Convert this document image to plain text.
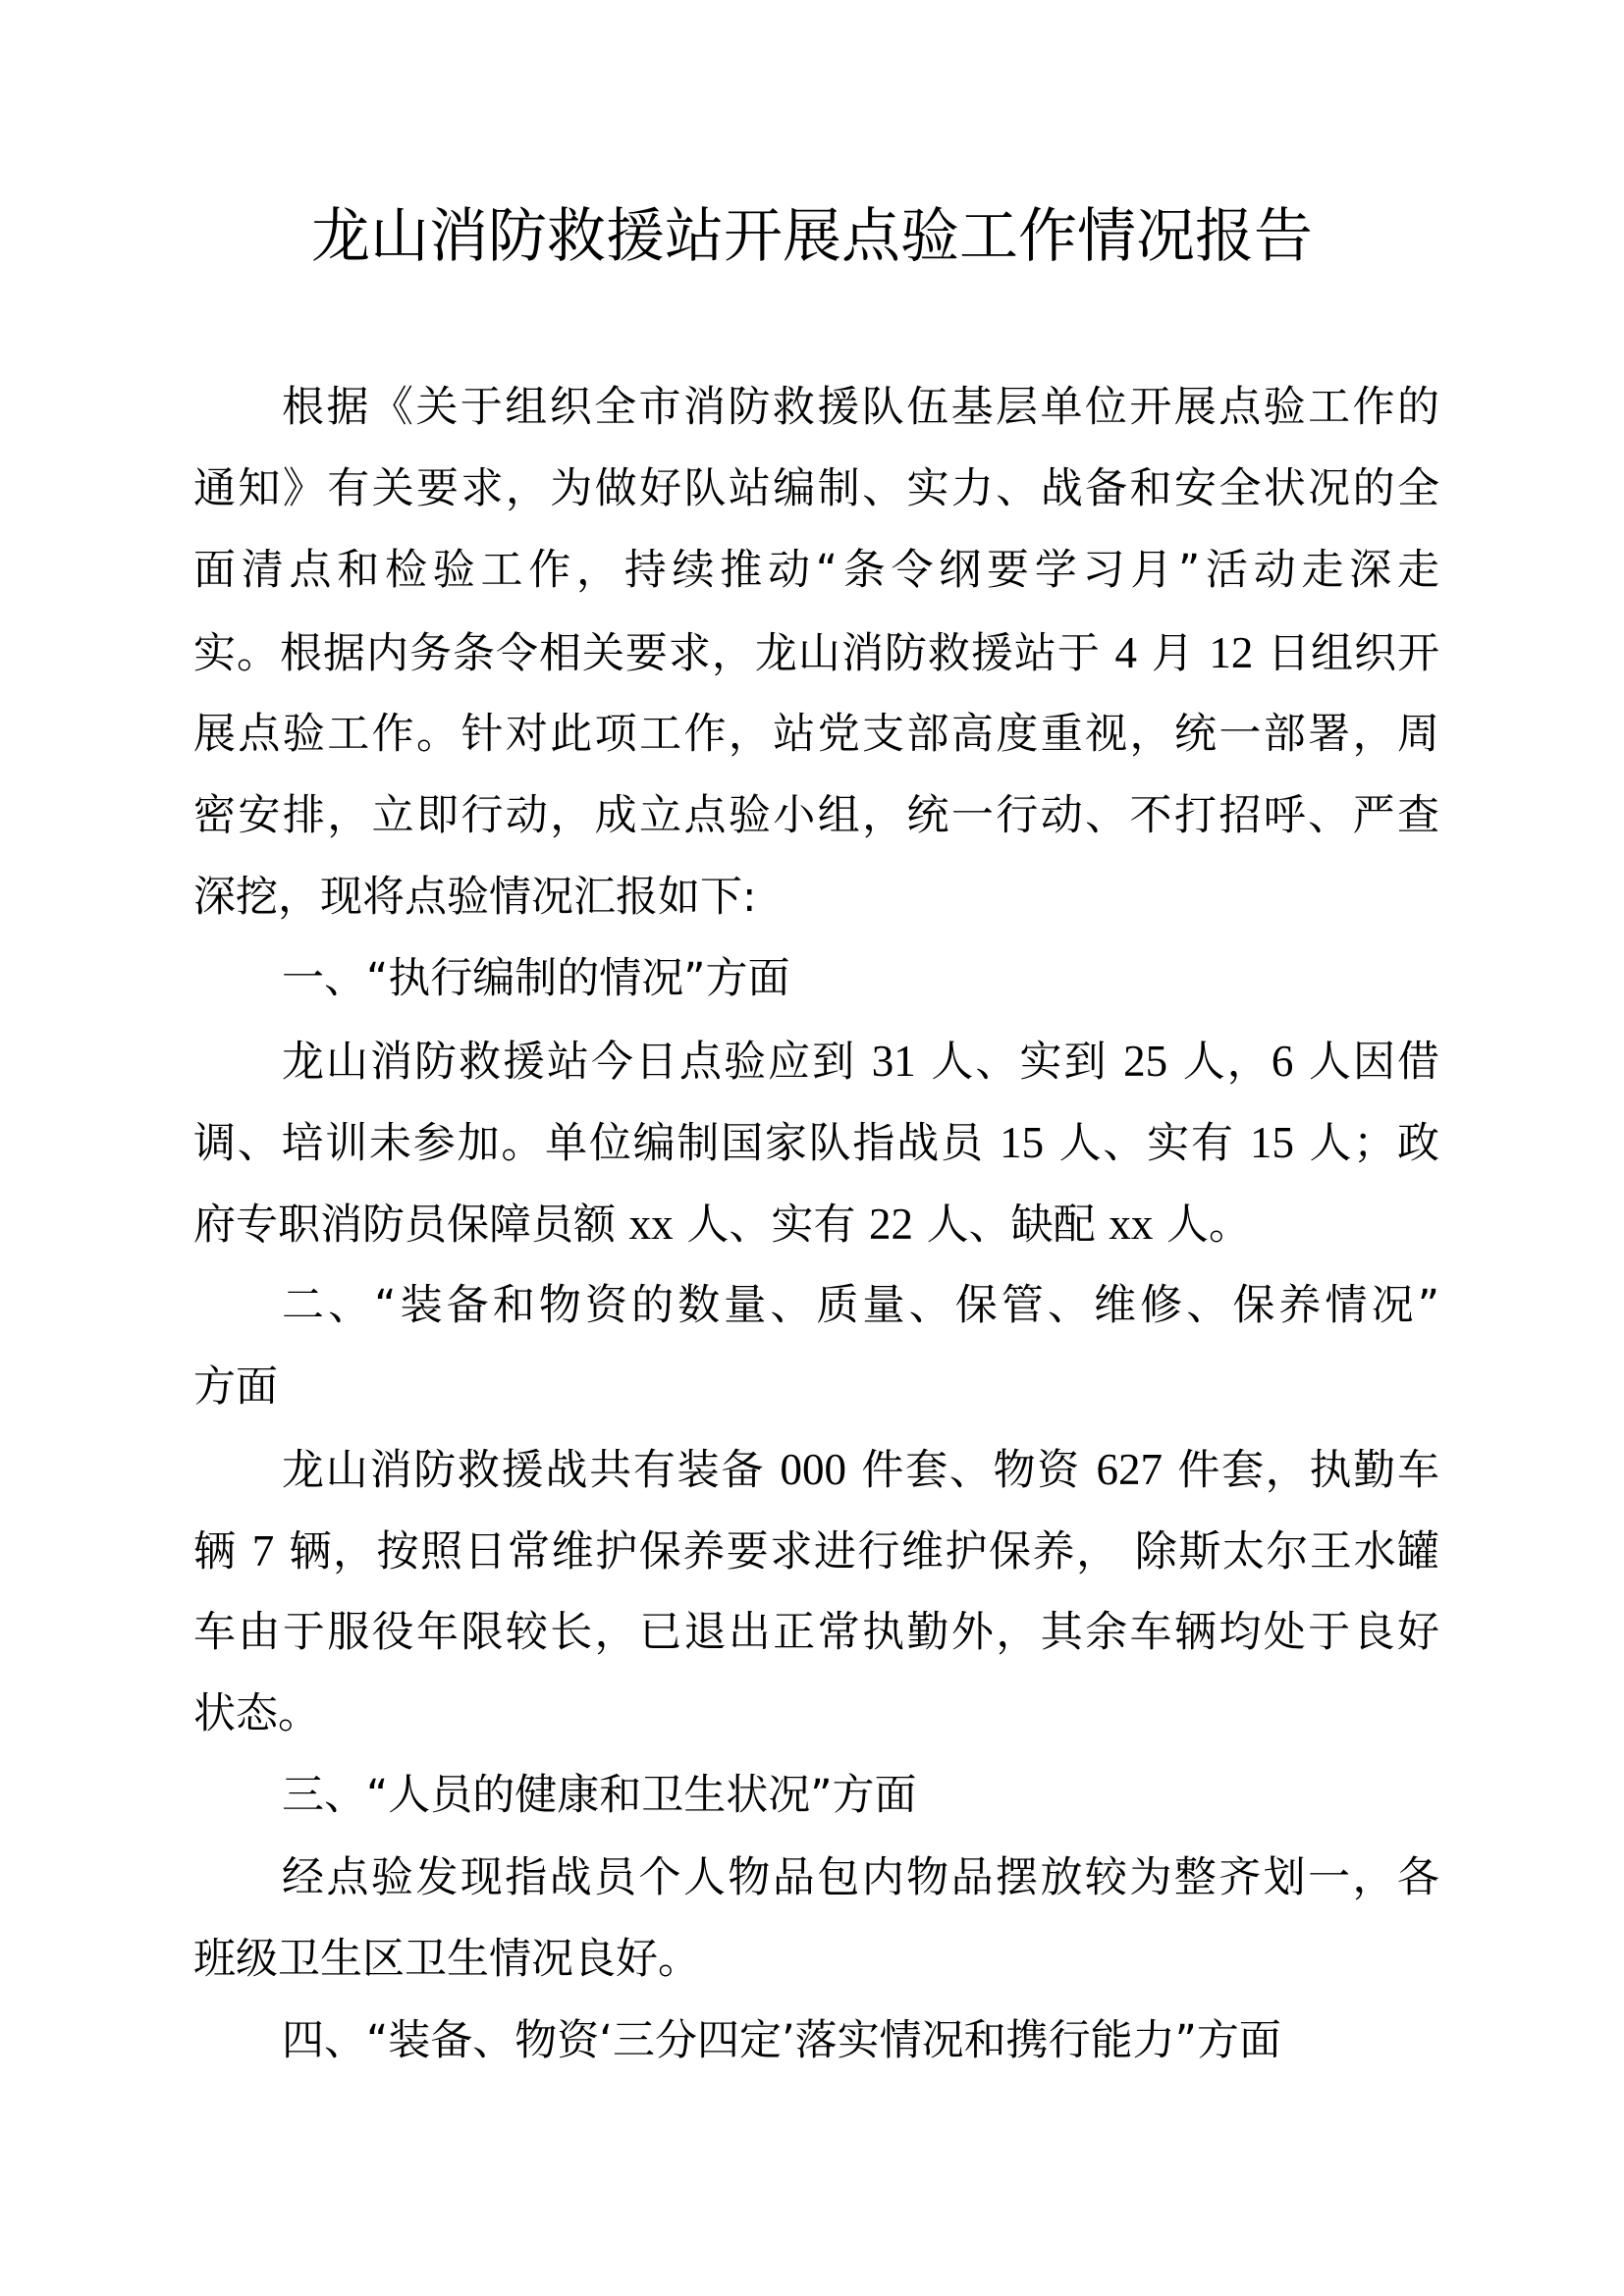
龙山消防救援站开展点验工作情况报告
根据《关于组织全市消防救援队伍基层单位开展点验工作的
通知》有关要求，为做好队站编制、实力、战备和安全状况的全
面清点和检验工作，持续推动“条令纲要学习月”活动走深走
实。根据内务条令相关要求，龙山消防救援站于 4 月 12 日组织开
展点验工作。针对此项工作，站党支部高度重视，统一部署，周
密安排，立即行动，成立点验小组，统一行动、不打招呼、严查
深挖，现将点验情况汇报如下:
一、“执行编制的情况”方面
龙山消防救援站今日点验应到 31 人、实到 25 人，6 人因借
调、培训未参加。单位编制国家队指战员 15 人、实有 15 人；政
府专职消防员保障员额 xx 人、实有 22 人、缺配 xx 人。
二、“装备和物资的数量、质量、保管、维修、保养情况”
方面
龙山消防救援战共有装备 000 件套、物资 627 件套，执勤车
辆 7 辆，按照日常维护保养要求进行维护保养， 除斯太尔王水罐
车由于服役年限较长，已退出正常执勤外，其余车辆均处于良好
状态。
三、“人员的健康和卫生状况”方面
经点验发现指战员个人物品包内物品摆放较为整齐划一，各
班级卫生区卫生情况良好。
四、“装备、物资‘三分四定’落实情况和携行能力”方面
